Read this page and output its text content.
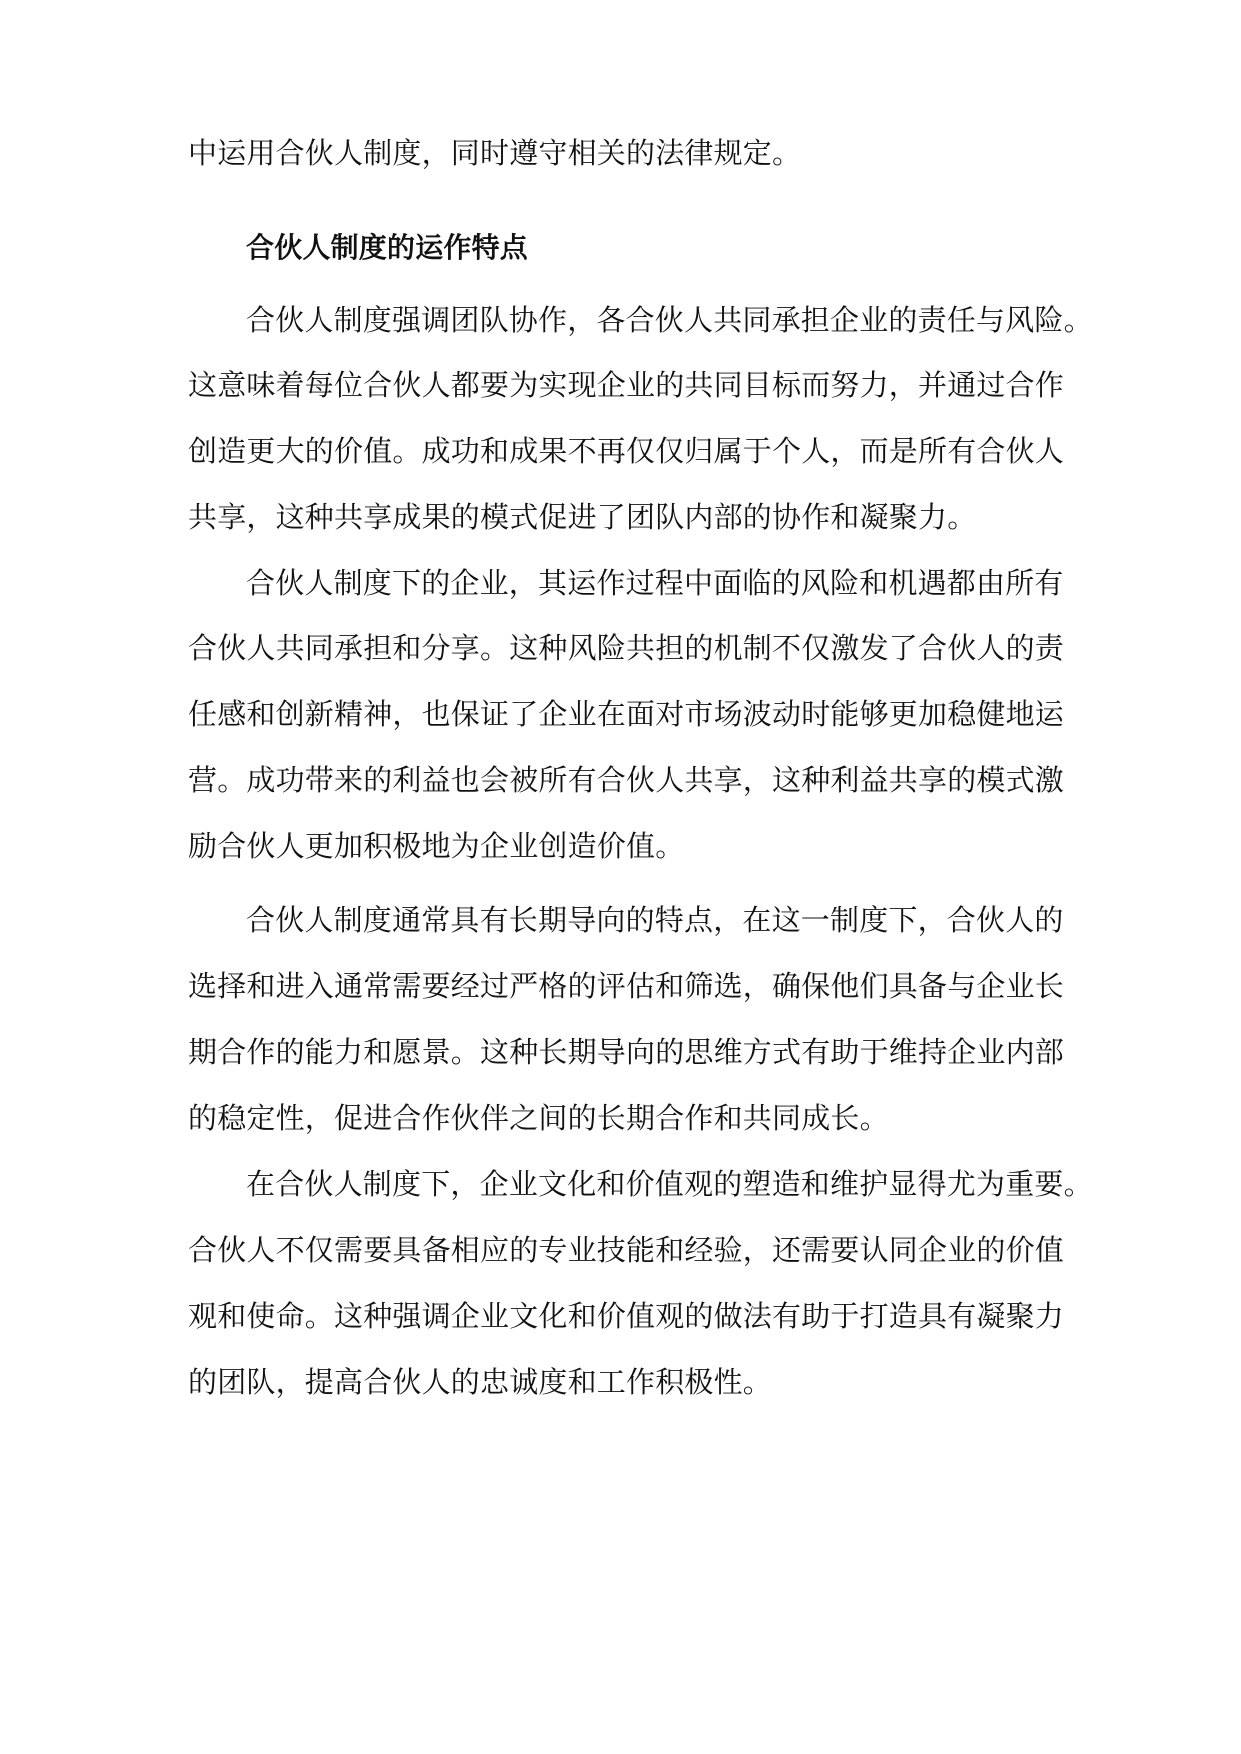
中运用合伙人制度，同时遵守相关的法律规定。
合伙人制度的运作特点
合伙人制度强调团队协作，各合伙人共同承担企业的责任与风险。
这意味着每位合伙人都要为实现企业的共同目标而努力，并通过合作
创造更大的价值。成功和成果不再仅仅归属于个人，而是所有合伙人
共享，这种共享成果的模式促进了团队内部的协作和凝聚力。
合伙人制度下的企业，其运作过程中面临的风险和机遇都由所有
合伙人共同承担和分享。这种风险共担的机制不仅激发了合伙人的责
任感和创新精神，也保证了企业在面对市场波动时能够更加稳健地运
营。成功带来的利益也会被所有合伙人共享，这种利益共享的模式激
励合伙人更加积极地为企业创造价值。
合伙人制度通常具有长期导向的特点，在这一制度下，合伙人的
选择和进入通常需要经过严格的评估和筛选，确保他们具备与企业长
期合作的能力和愿景。这种长期导向的思维方式有助于维持企业内部
的稳定性，促进合作伙伴之间的长期合作和共同成长。
在合伙人制度下，企业文化和价值观的塑造和维护显得尤为重要。
合伙人不仅需要具备相应的专业技能和经验，还需要认同企业的价值
观和使命。这种强调企业文化和价值观的做法有助于打造具有凝聚力
的团队，提高合伙人的忠诚度和工作积极性。
